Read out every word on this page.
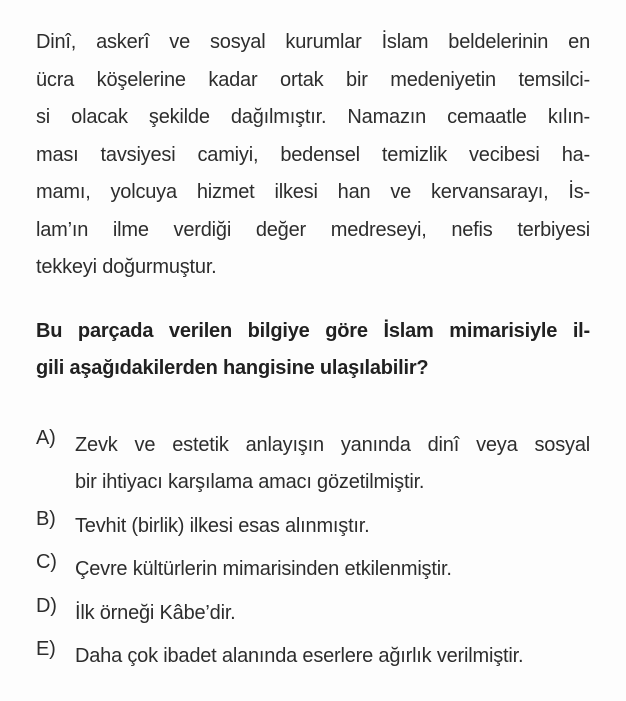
Dinî, askerî ve sosyal kurumlar İslam beldelerinin en
ücra köşelerine kadar ortak bir medeniyetin temsilci-
si olacak şekilde dağılmıştır. Namazın cemaatle kılın-
ması tavsiyesi camiyi, bedensel temizlik vecibesi ha-
mamı, yolcuya hizmet ilkesi han ve kervansarayı, İs-
lam’ın ilme verdiği değer medreseyi, nefis terbiyesi
tekkeyi doğurmuştur.
Bu parçada verilen bilgiye göre İslam mimarisiyle il-
gili aşağıdakilerden hangisine ulaşılabilir?
A) Zevk ve estetik anlayışın yanında dinî veya sosyal
bir ihtiyacı karşılama amacı gözetilmiştir.
B) Tevhit (birlik) ilkesi esas alınmıştır.
C) Çevre kültürlerin mimarisinden etkilenmiştir.
D) İlk örneği Kâbe’dir.
E) Daha çok ibadet alanında eserlere ağırlık verilmiştir.
